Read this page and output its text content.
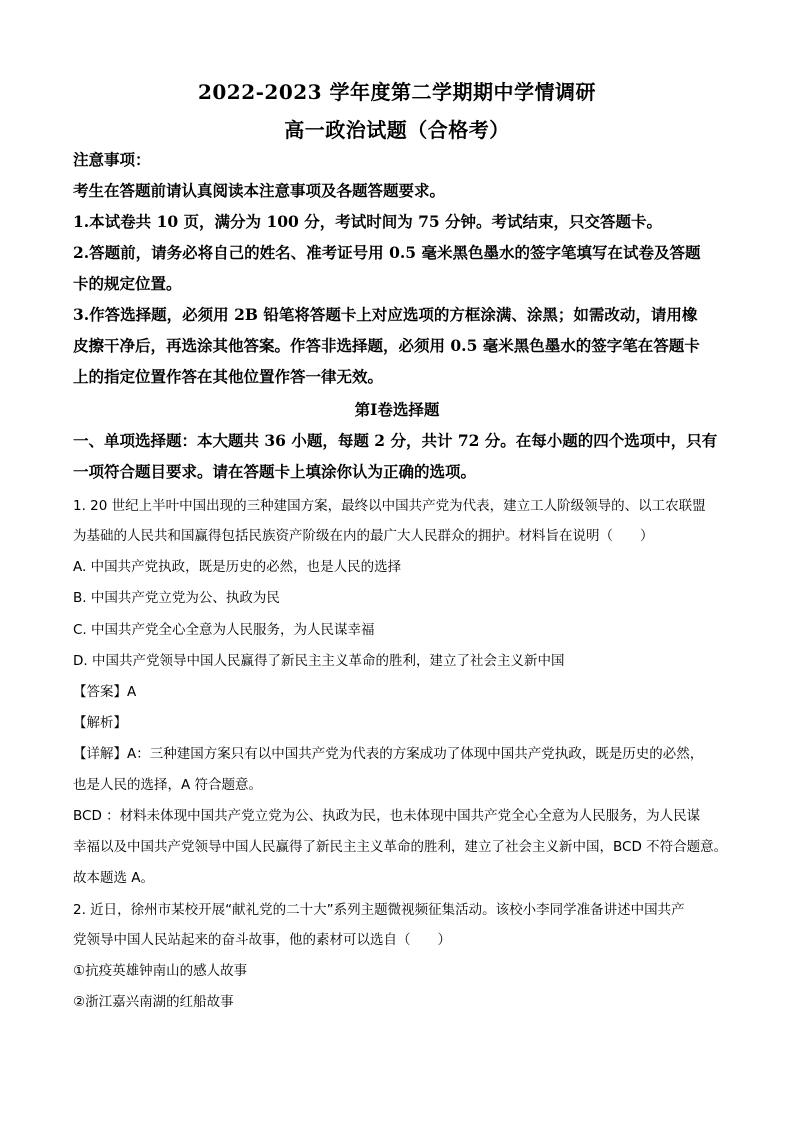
2022-2023 学年度第二学期期中学情调研
高一政治试题（合格考）
注意事项：
考生在答题前请认真阅读本注意事项及各题答题要求。
1.本试卷共 10 页，满分为 100 分，考试时间为 75 分钟。考试结束，只交答题卡。
2.答题前，请务必将自己的姓名、准考证号用 0.5 毫米黑色墨水的签字笔填写在试卷及答题
卡的规定位置。
3.作答选择题，必须用 2B 铅笔将答题卡上对应选项的方框涂满、涂黑；如需改动，请用橡
皮擦干净后，再选涂其他答案。作答非选择题，必须用 0.5 毫米黑色墨水的签字笔在答题卡
上的指定位置作答在其他位置作答一律无效。
第Ⅰ卷选择题
一、单项选择题：本大题共 36 小题，每题 2 分，共计 72 分。在每小题的四个选项中，只有
一项符合题目要求。请在答题卡上填涂你认为正确的选项。
1. 20 世纪上半叶中国出现的三种建国方案，最终以中国共产党为代表，建立工人阶级领导的、以工农联盟
为基础的人民共和国赢得包括民族资产阶级在内的最广大人民群众的拥护。材料旨在说明（　　）
A. 中国共产党执政，既是历史的必然，也是人民的选择
B. 中国共产党立党为公、执政为民
C. 中国共产党全心全意为人民服务，为人民谋幸福
D. 中国共产党领导中国人民赢得了新民主主义革命的胜利，建立了社会主义新中国
【答案】A
【解析】
【详解】A：三种建国方案只有以中国共产党为代表的方案成功了体现中国共产党执政，既是历史的必然，
也是人民的选择，A 符合题意。
BCD ：材料未体现中国共产党立党为公、执政为民，也未体现中国共产党全心全意为人民服务，为人民谋
幸福以及中国共产党领导中国人民赢得了新民主主义革命的胜利，建立了社会主义新中国，BCD 不符合题意。
故本题选 A。
2. 近日，徐州市某校开展“献礼党的二十大”系列主题微视频征集活动。该校小李同学准备讲述中国共产
党领导中国人民站起来的奋斗故事，他的素材可以选自（　　）
①抗疫英雄钟南山的感人故事
②浙江嘉兴南湖的红船故事
